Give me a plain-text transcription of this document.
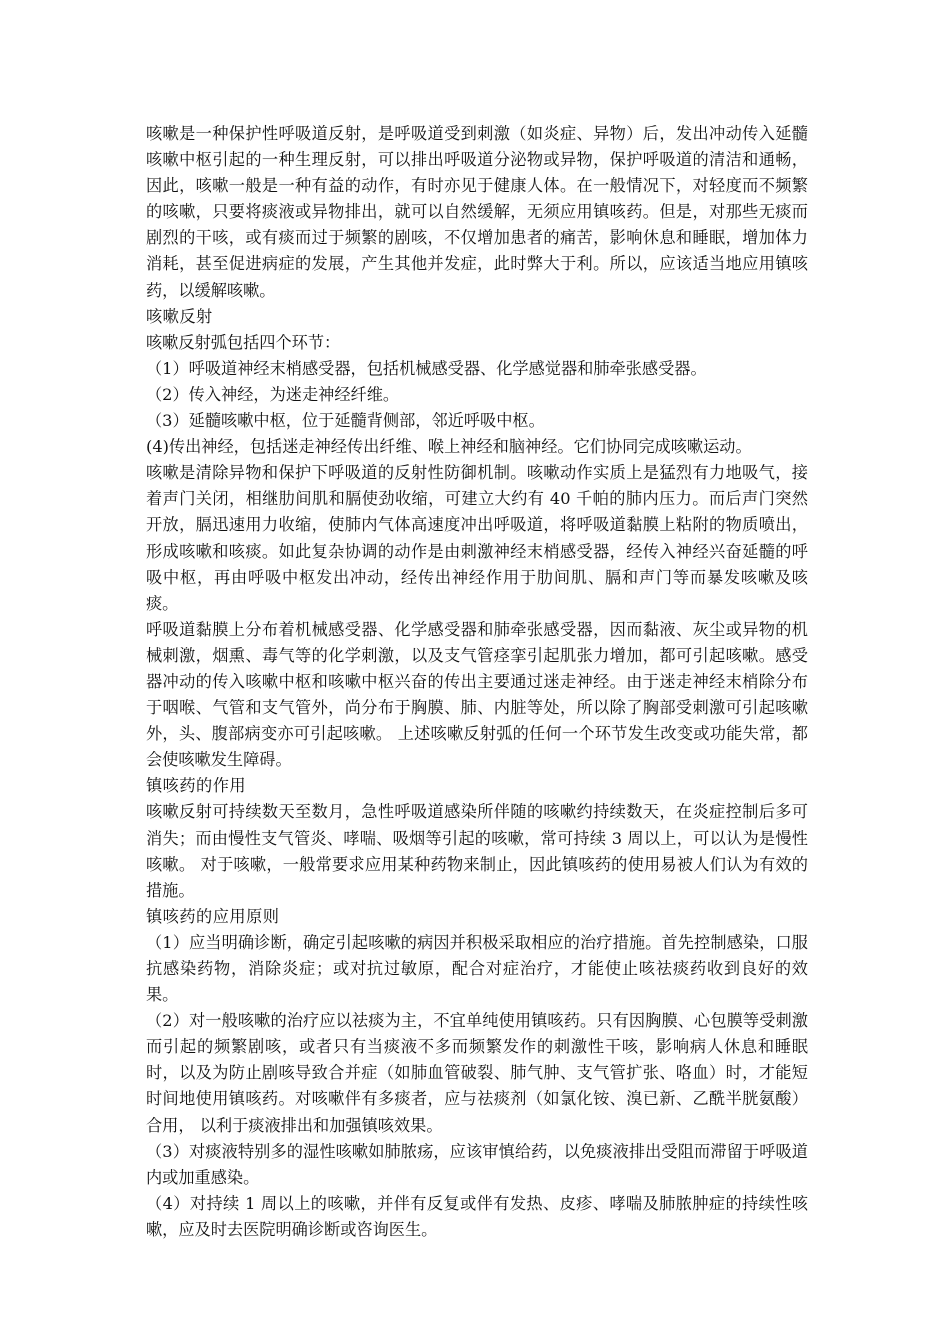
咳嗽是一种保护性呼吸道反射，是呼吸道受到刺激（如炎症、异物）后，发出冲动传入延髓咳嗽中枢引起的一种生理反射，可以排出呼吸道分泌物或异物，保护呼吸道的清洁和通畅，因此，咳嗽一般是一种有益的动作，有时亦见于健康人体。在一般情况下，对轻度而不频繁的咳嗽，只要将痰液或异物排出，就可以自然缓解，无须应用镇咳药。但是，对那些无痰而剧烈的干咳，或有痰而过于频繁的剧咳，不仅增加患者的痛苦，影响休息和睡眠，增加体力消耗，甚至促进病症的发展，产生其他并发症，此时弊大于利。所以，应该适当地应用镇咳药，以缓解咳嗽。

咳嗽反射

咳嗽反射弧包括四个环节：

（1）呼吸道神经末梢感受器，包括机械感受器、化学感觉器和肺牵张感受器。

（2）传入神经，为迷走神经纤维。

（3）延髓咳嗽中枢，位于延髓背侧部，邻近呼吸中枢。

(4)传出神经，包括迷走神经传出纤维、喉上神经和脑神经。它们协同完成咳嗽运动。

咳嗽是清除异物和保护下呼吸道的反射性防御机制。咳嗽动作实质上是猛烈有力地吸气，接着声门关闭，相继肋间肌和膈使劲收缩，可建立大约有 40 千帕的肺内压力。而后声门突然开放，膈迅速用力收缩，使肺内气体高速度冲出呼吸道，将呼吸道黏膜上粘附的物质喷出，形成咳嗽和咳痰。如此复杂协调的动作是由刺激神经末梢感受器，经传入神经兴奋延髓的呼吸中枢，再由呼吸中枢发出冲动，经传出神经作用于肋间肌、膈和声门等而暴发咳嗽及咳痰。

呼吸道黏膜上分布着机械感受器、化学感受器和肺牵张感受器，因而黏液、灰尘或异物的机械刺激，烟熏、毒气等的化学刺激，以及支气管痉挛引起肌张力增加，都可引起咳嗽。感受器冲动的传入咳嗽中枢和咳嗽中枢兴奋的传出主要通过迷走神经。由于迷走神经末梢除分布于咽喉、气管和支气管外，尚分布于胸膜、肺、内脏等处，所以除了胸部受刺激可引起咳嗽外，头、腹部病变亦可引起咳嗽。 上述咳嗽反射弧的任何一个环节发生改变或功能失常，都会使咳嗽发生障碍。

镇咳药的作用

咳嗽反射可持续数天至数月，急性呼吸道感染所伴随的咳嗽约持续数天，在炎症控制后多可消失；而由慢性支气管炎、哮喘、吸烟等引起的咳嗽，常可持续 3 周以上，可以认为是慢性咳嗽。 对于咳嗽，一般常要求应用某种药物来制止，因此镇咳药的使用易被人们认为有效的措施。

镇咳药的应用原则

（1）应当明确诊断，确定引起咳嗽的病因并积极采取相应的治疗措施。首先控制感染，口服抗感染药物，消除炎症；或对抗过敏原，配合对症治疗，才能使止咳祛痰药收到良好的效果。

（2）对一般咳嗽的治疗应以祛痰为主，不宜单纯使用镇咳药。只有因胸膜、心包膜等受刺激而引起的频繁剧咳，或者只有当痰液不多而频繁发作的刺激性干咳，影响病人休息和睡眠时，以及为防止剧咳导致合并症（如肺血管破裂、肺气肿、支气管扩张、咯血）时，才能短时间地使用镇咳药。对咳嗽伴有多痰者，应与祛痰剂（如氯化铵、溴已新、乙酰半胱氨酸） 合用， 以利于痰液排出和加强镇咳效果。

（3）对痰液特别多的湿性咳嗽如肺脓疡，应该审慎给药，以免痰液排出受阻而滞留于呼吸道内或加重感染。

（4）对持续 1 周以上的咳嗽，并伴有反复或伴有发热、皮疹、哮喘及肺脓肿症的持续性咳嗽，应及时去医院明确诊断或咨询医生。
